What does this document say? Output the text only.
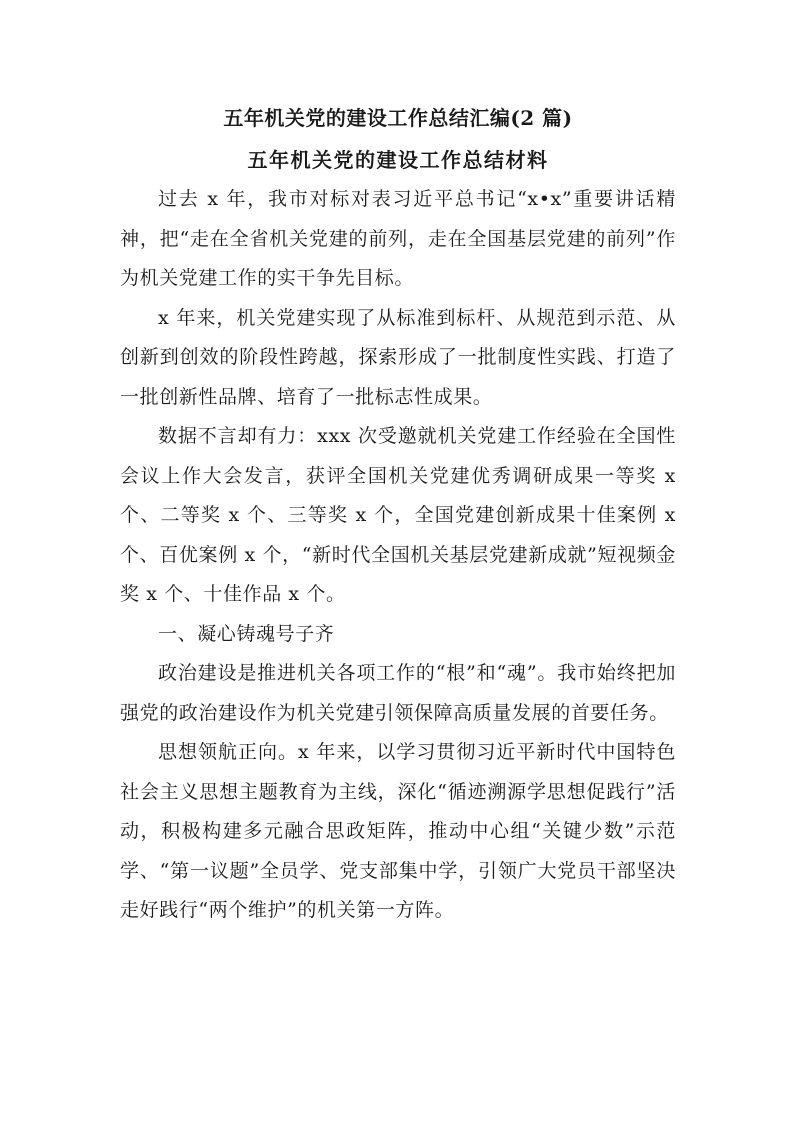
五年机关党的建设工作总结汇编(2 篇)

五年机关党的建设工作总结材料

过去 x 年，我市对标对表习近平总书记“x•x”重要讲话精神，把“走在全省机关党建的前列，走在全国基层党建的前列”作为机关党建工作的实干争先目标。

x 年来，机关党建实现了从标准到标杆、从规范到示范、从创新到创效的阶段性跨越，探索形成了一批制度性实践、打造了一批创新性品牌、培育了一批标志性成果。

数据不言却有力：xxx 次受邀就机关党建工作经验在全国性会议上作大会发言，获评全国机关党建优秀调研成果一等奖 x 个、二等奖 x 个、三等奖 x 个，全国党建创新成果十佳案例 x 个、百优案例 x 个，“新时代全国机关基层党建新成就”短视频金奖 x 个、十佳作品 x 个。

一、凝心铸魂号子齐

政治建设是推进机关各项工作的“根”和“魂”。我市始终把加强党的政治建设作为机关党建引领保障高质量发展的首要任务。

思想领航正向。x 年来，以学习贯彻习近平新时代中国特色社会主义思想主题教育为主线，深化“循迹溯源学思想促践行”活动，积极构建多元融合思政矩阵，推动中心组“关键少数”示范学、“第一议题”全员学、党支部集中学，引领广大党员干部坚决走好践行“两个维护”的机关第一方阵。
